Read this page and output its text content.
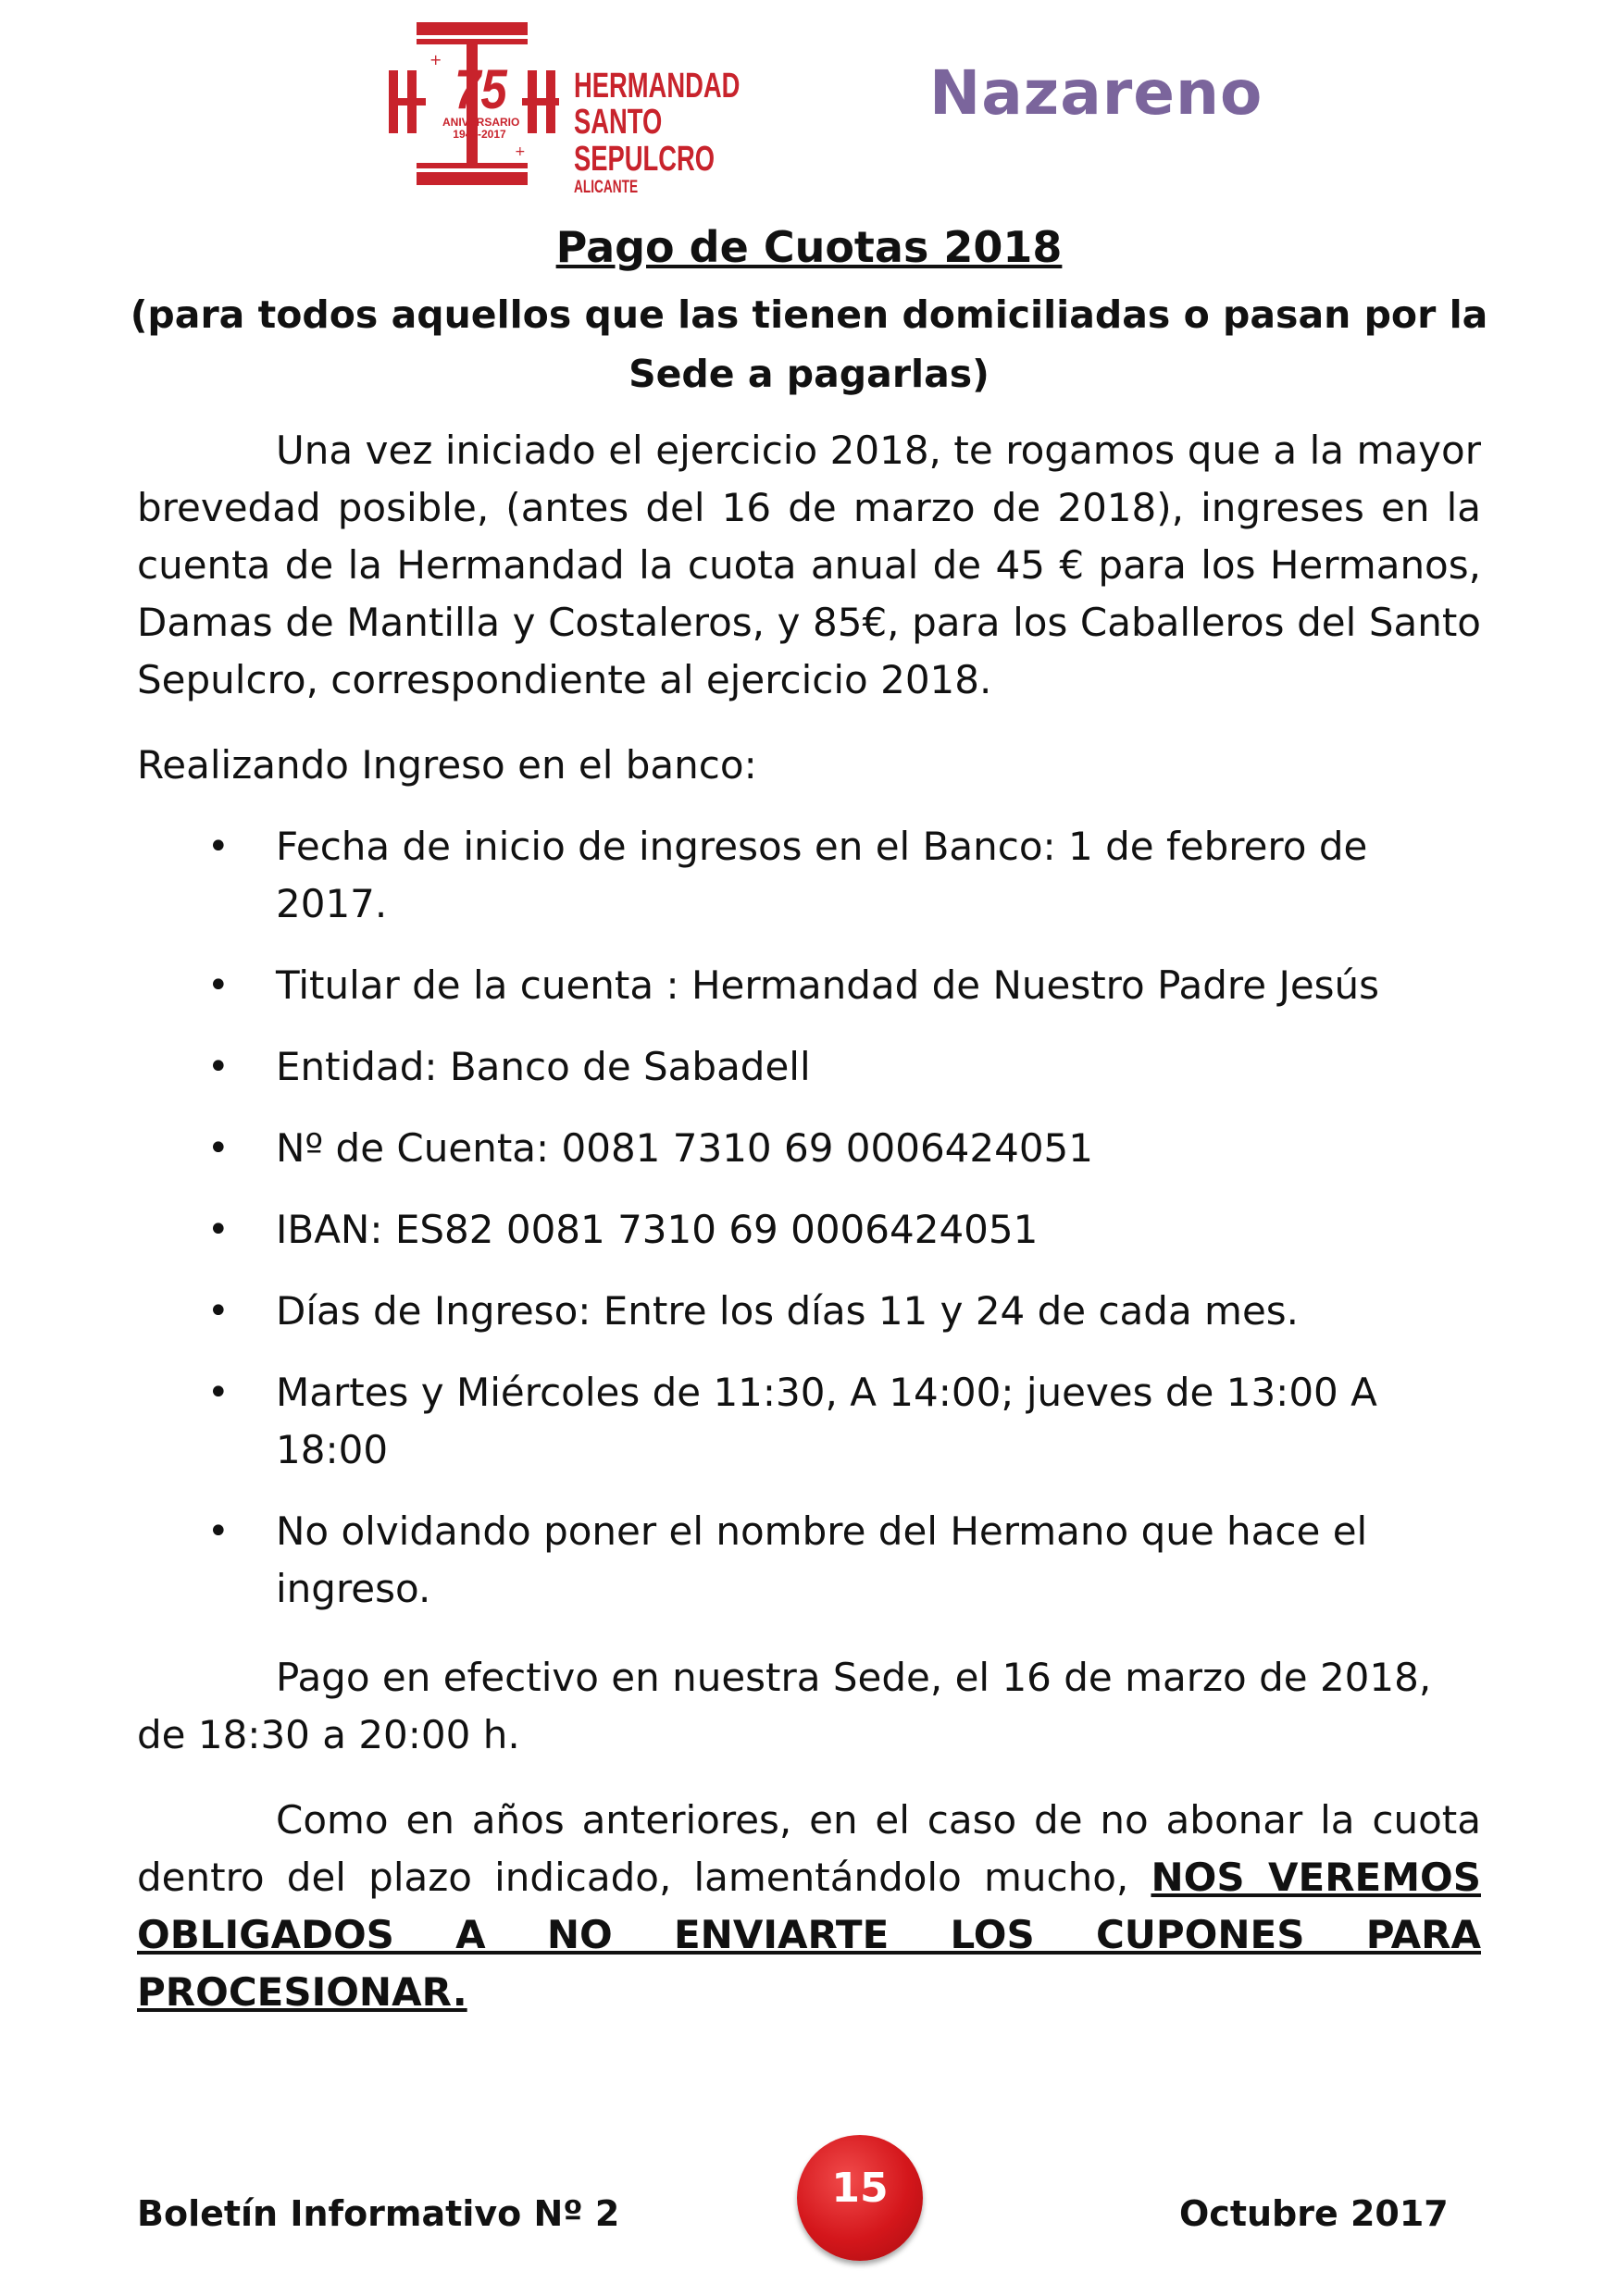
+
+
75
ANIVERSARIO
1942-2017
HERMANDAD
SANTO SEPULCRO
ALICANTE
Nazareno
Pago de Cuotas 2018
(para todos aquellos que las tienen domiciliadas o pasan por la Sede a pagarlas)
Una vez iniciado el ejercicio 2018, te rogamos que a la mayor brevedad posible, (antes del 16 de marzo de 2018), ingreses en la cuenta de la Hermandad la cuota anual de 45 € para los Hermanos, Damas de Mantilla y Costaleros, y 85€, para los Caballeros del Santo Sepulcro, correspondiente al ejercicio 2018.
Realizando Ingreso en el banco:
• Fecha de inicio de ingresos en el Banco: 1 de febrero de 2017.
• Titular de la cuenta : Hermandad de Nuestro Padre Jesús
• Entidad: Banco de Sabadell
• Nº de Cuenta: 0081 7310 69 0006424051
• IBAN: ES82 0081 7310 69 0006424051
• Días de Ingreso: Entre los días 11 y 24 de cada mes.
• Martes y Miércoles de 11:30, A 14:00; jueves de 13:00 A 18:00
• No olvidando poner el nombre del Hermano que hace el ingreso.
Pago en efectivo en nuestra Sede, el 16 de marzo de 2018, de 18:30 a 20:00 h.
Como en años anteriores, en el caso de no abonar la cuota dentro del plazo indicado, lamentándolo mucho, NOS VEREMOS OBLIGADOS A NO ENVIARTE LOS CUPONES PARA PROCESIONAR.
Boletín Informativo Nº 2
15
Octubre 2017
